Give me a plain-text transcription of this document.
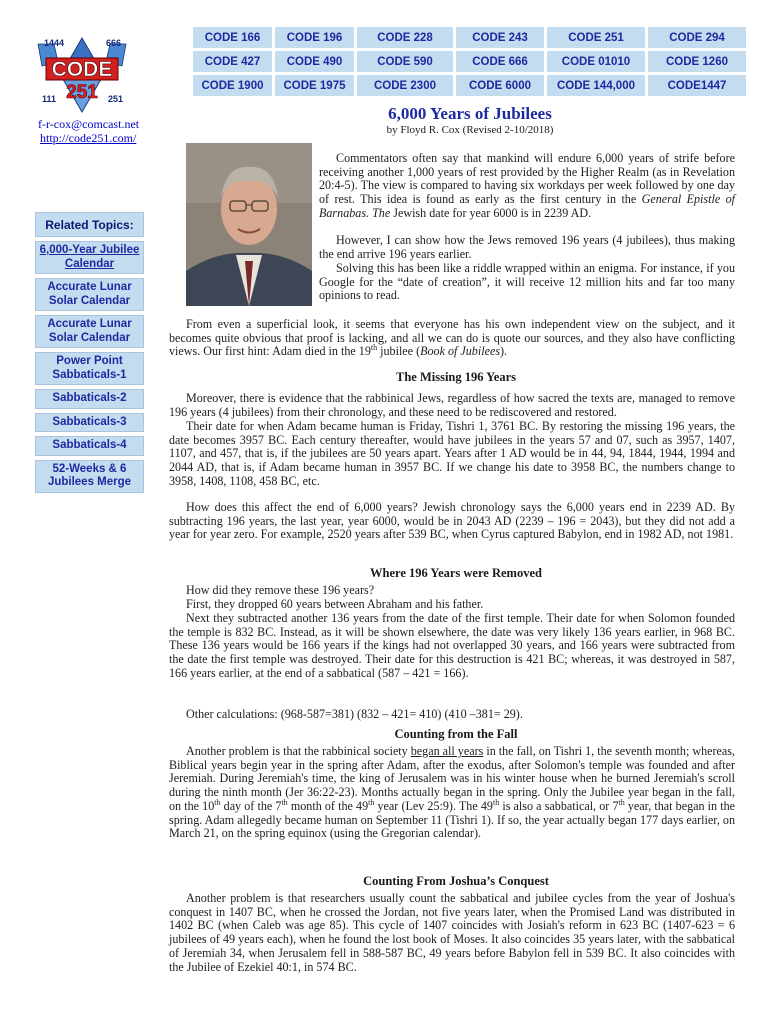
1444	666
CODE
251
111	251
f-r-cox@comcast.net
http://code251.com/
CODE 166	CODE 196	CODE 228	CODE 243	CODE 251	CODE 294
CODE 427	CODE 490	CODE 590	CODE 666	CODE 01010	CODE 1260
CODE 1900	CODE 1975	CODE 2300	CODE 6000	CODE 144,000	CODE1447
6,000 Years of Jubilees
by Floyd R. Cox (Revised 2-10/2018)
Related Topics:
6,000-Year Jubilee Calendar
Accurate Lunar Solar Calendar
Accurate Lunar Solar Calendar
Power Point Sabbaticals-1
Sabbaticals-2
Sabbaticals-3
Sabbaticals-4
52-Weeks & 6 Jubilees Merge
Commentators often say that mankind will endure 6,000 years of strife before receiving another 1,000 years of rest provided by the Higher Realm (as in Revelation 20:4-5). The view is compared to having six workdays per week followed by one day of rest. This idea is found as early as the first century in the General Epistle of Barnabas. The Jewish date for year 6000 is in 2239 AD.
However, I can show how the Jews removed 196 years (4 jubilees), thus making the end arrive 196 years earlier.
Solving this has been like a riddle wrapped within an enigma. For instance, if you Google for the “date of creation”, it will receive 12 million hits and far too many opinions to read.
From even a superficial look, it seems that everyone has his own independent view on the subject, and it becomes quite obvious that proof is lacking, and all we can do is quote our sources, and they also have conflicting views. Our first hint: Adam died in the 19th jubilee (Book of Jubilees).
The Missing 196 Years
Moreover, there is evidence that the rabbinical Jews, regardless of how sacred the texts are, managed to remove 196 years (4 jubilees) from their chronology, and these need to be rediscovered and restored.
Their date for when Adam became human is Friday, Tishri 1, 3761 BC. By restoring the missing 196 years, the date becomes 3957 BC. Each century thereafter, would have jubilees in the years 57 and 07, such as 3957, 1407, 1107, and 457, that is, if the jubilees are 50 years apart. Years after 1 AD would be in 44, 94, 1844, 1944, 1994 and 2044 AD, that is, if Adam became human in 3957 BC. If we change his date to 3958 BC, the numbers change to 3958, 1408, 1108, 458 BC, etc.
How does this affect the end of 6,000 years? Jewish chronology says the 6,000 years end in 2239 AD. By subtracting 196 years, the last year, year 6000, would be in 2043 AD (2239 – 196 = 2043), but they did not add a year for year zero. For example, 2520 years after 539 BC, when Cyrus captured Babylon, end in 1982 AD, not 1981.
Where 196 Years were Removed
How did they remove these 196 years?
First, they dropped 60 years between Abraham and his father.
Next they subtracted another 136 years from the date of the first temple. Their date for when Solomon founded the temple is 832 BC. Instead, as it will be shown elsewhere, the date was very likely 136 years earlier, in 968 BC. These 136 years would be 166 years if the kings had not overlapped 30 years, and 166 years were subtracted from the date the first temple was destroyed. Their date for this destruction is 421 BC; whereas, it was destroyed in 587, 166 years earlier, at the end of a sabbatical (587 – 421 = 166).
Other calculations: (968-587=381) (832 – 421= 410) (410 –381= 29).
Counting from the Fall
Another problem is that the rabbinical society began all years in the fall, on Tishri 1, the seventh month; whereas, Biblical years begin year in the spring after Adam, after the exodus, after Solomon's temple was founded and after Jeremiah. During Jeremiah's time, the king of Jerusalem was in his winter house when he burned Jeremiah's scroll during the ninth month (Jer 36:22-23). Months actually began in the spring. Only the Jubilee year began in the fall, on the 10th day of the 7th month of the 49th year (Lev 25:9). The 49th is also a sabbatical, or 7th year, that began in the spring. Adam allegedly became human on September 11 (Tishri 1). If so, the year actually began 177 days earlier, on March 21, on the spring equinox (using the Gregorian calendar).
Counting From Joshua’s Conquest
Another problem is that researchers usually count the sabbatical and jubilee cycles from the year of Joshua's conquest in 1407 BC, when he crossed the Jordan, not five years later, when the Promised Land was distributed in 1402 BC (when Caleb was age 85). This cycle of 1407 coincides with Josiah's reform in 623 BC (1407-623 = 6 jubilees of 49 years each), when he found the lost book of Moses. It also coincides 35 years later, with the sabbatical of Jeremiah 34, when Jerusalem fell in 588-587 BC, 49 years before Babylon fell in 539 BC. It also coincides with the Jubilee of Ezekiel 40:1, in 574 BC.
